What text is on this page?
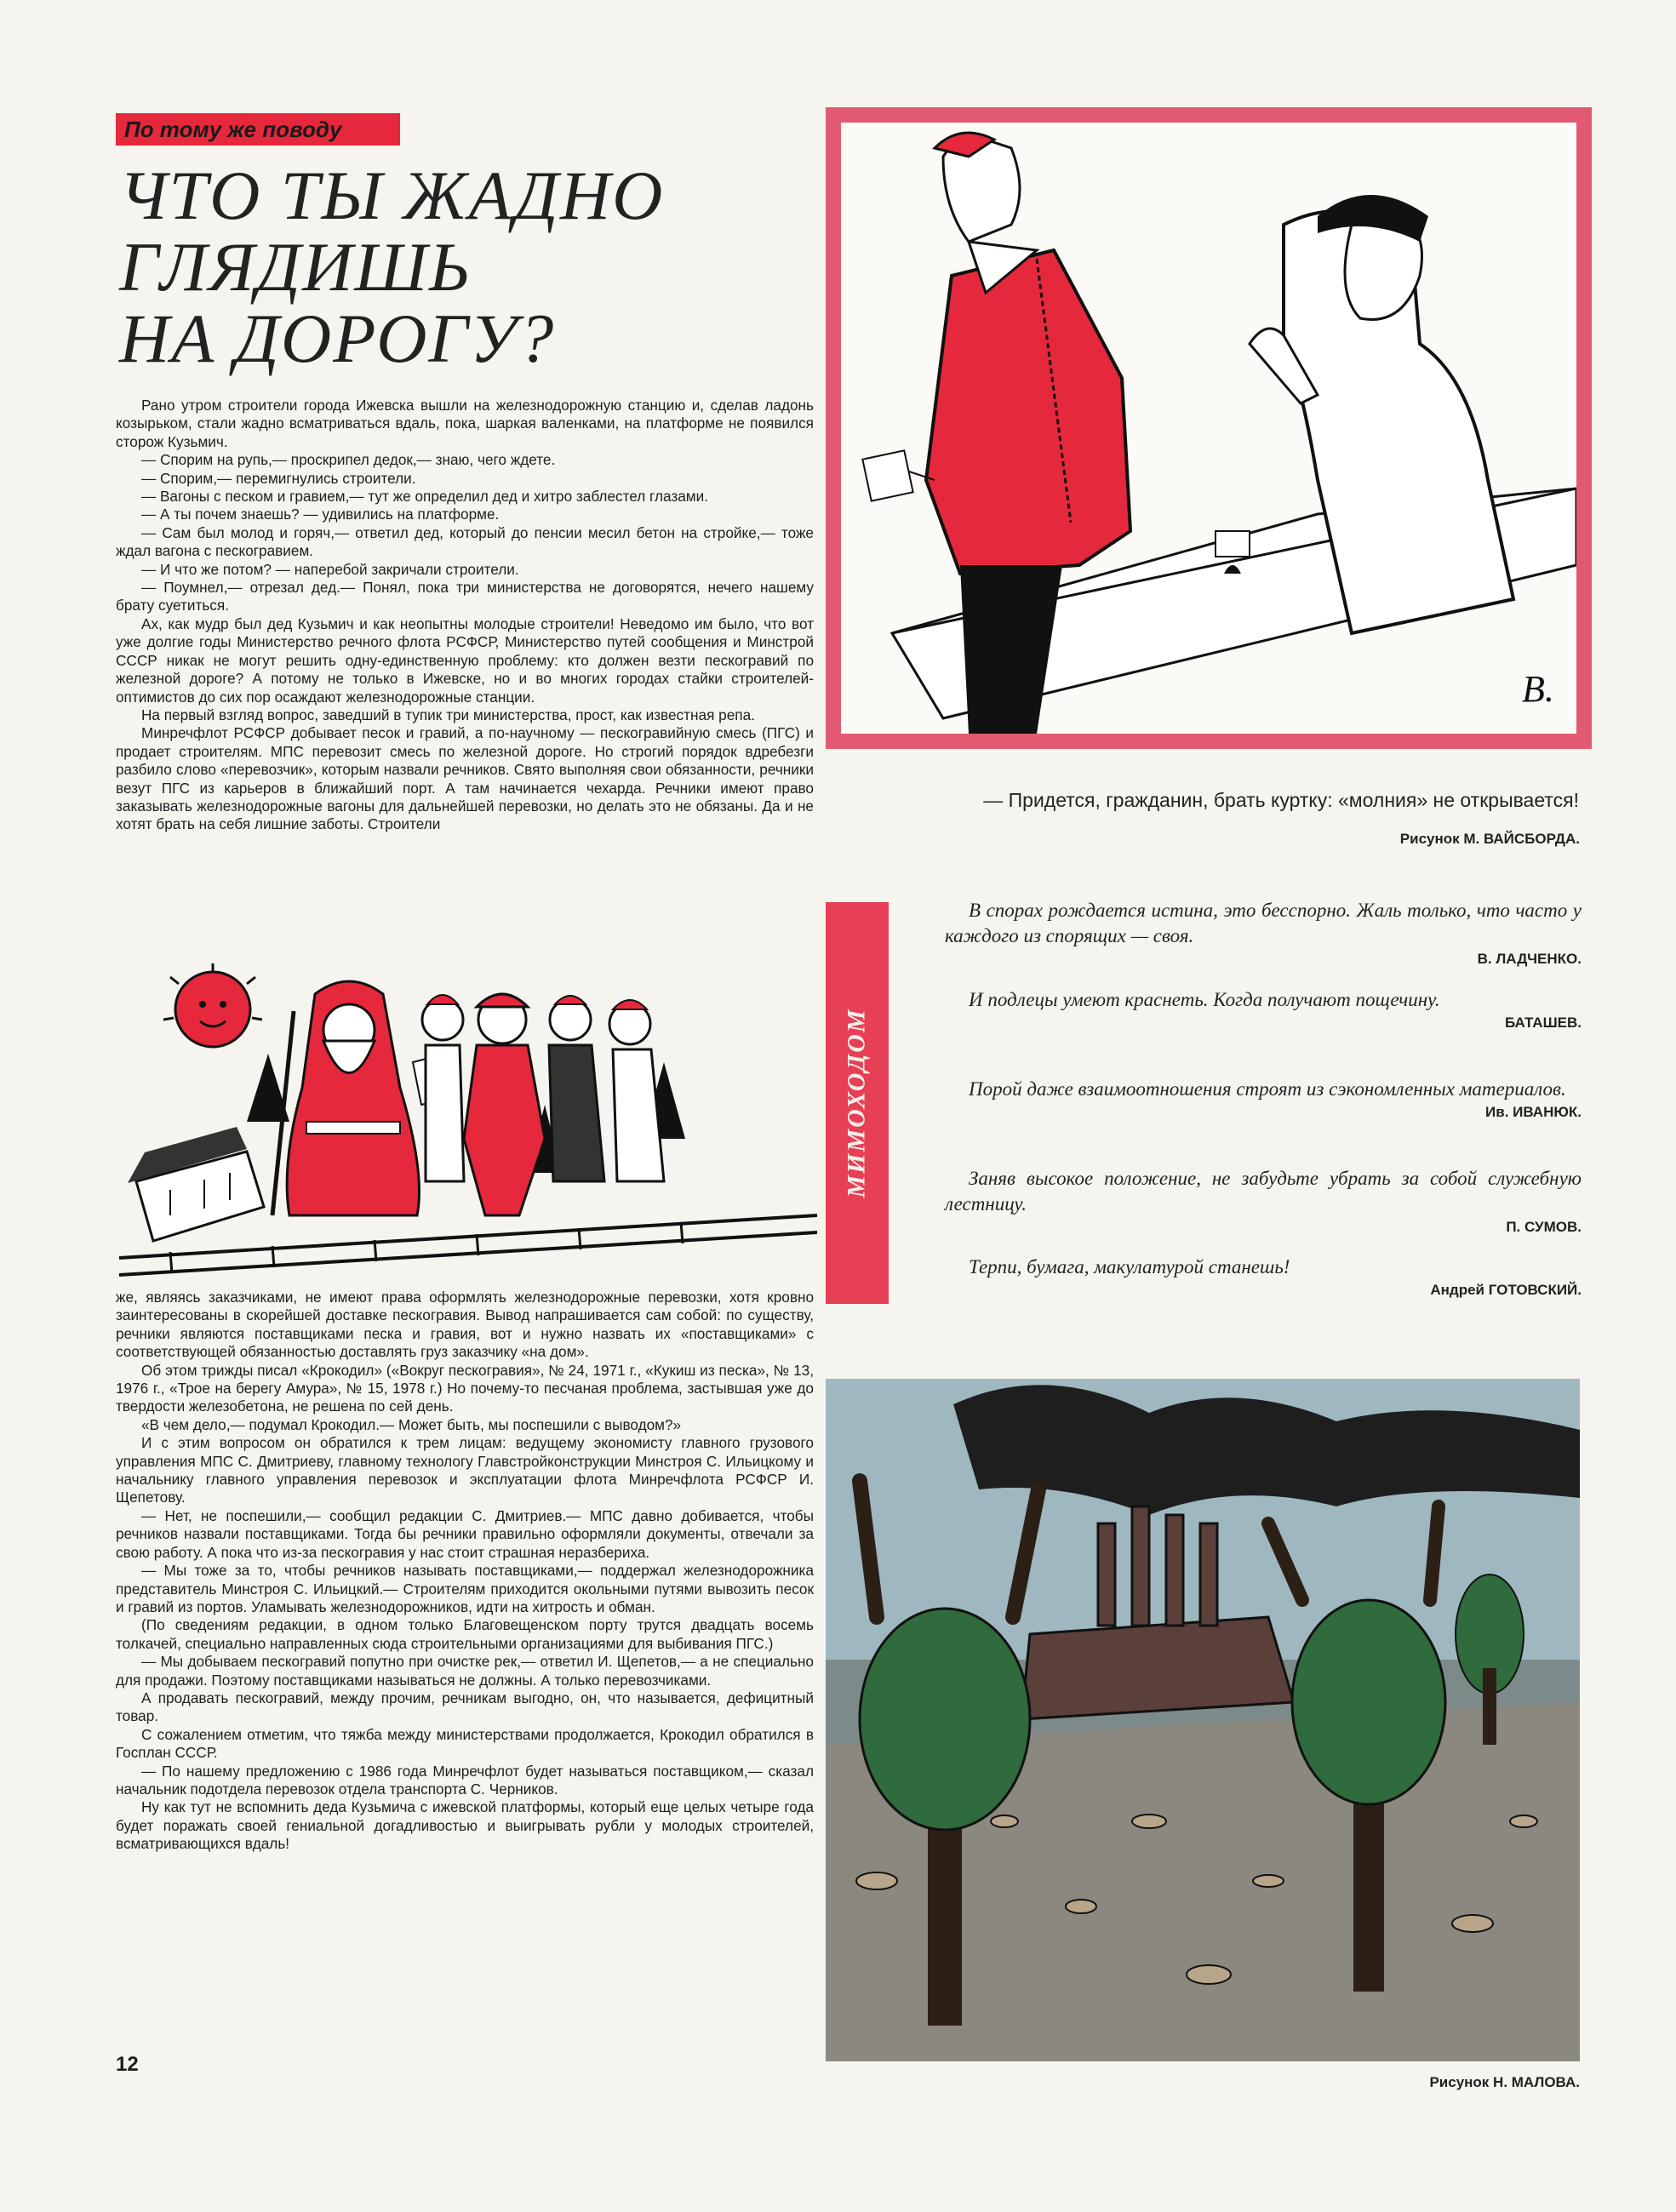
По тому же поводу
ЧТО ТЫ ЖАДНО
ГЛЯДИШЬ
НА ДОРОГУ?

Рано утром строители города Ижевска вышли на железнодорожную станцию и, сделав ладонь козырьком, стали жадно всматриваться вдаль, пока, шаркая валенками, на платформе не появился сторож Кузьмич.

— Спорим на рупь,— проскрипел дедок,— знаю, чего ждете.

— Спорим,— перемигнулись строители.

— Вагоны с песком и гравием,— тут же определил дед и хитро заблестел глазами.

— А ты почем знаешь? — удивились на платформе.

— Сам был молод и горяч,— ответил дед, который до пенсии месил бетон на стройке,— тоже ждал вагона с пескогравием.

— И что же потом? — наперебой закричали строители.

— Поумнел,— отрезал дед.— Понял, пока три министерства не договорятся, нечего нашему брату суетиться.

Ах, как мудр был дед Кузьмич и как неопытны молодые строители! Неведомо им было, что вот уже долгие годы Министерство речного флота РСФСР, Министерство путей сообщения и Минстрой СССР никак не могут решить одну-единственную проблему: кто должен везти пескогравий по железной дороге? А потому не только в Ижевске, но и во многих городах стайки строителей-оптимистов до сих пор осаждают железнодорожные станции.

На первый взгляд вопрос, заведший в тупик три министерства, прост, как известная репа.

Минречфлот РСФСР добывает песок и гравий, а по-научному — пескогравийную смесь (ПГС) и продает строителям. МПС перевозит смесь по железной дороге. Но строгий порядок вдребезги разбило слово «перевозчик», которым назвали речников. Свято выполняя свои обязанности, речники везут ПГС из карьеров в ближайший порт. А там начинается чехарда. Речники имеют право заказывать железнодорожные вагоны для дальнейшей перевозки, но делать это не обязаны. Да и не хотят брать на себя лишние заботы. Строители

же, являясь заказчиками, не имеют права оформлять железнодорожные перевозки, хотя кровно заинтересованы в скорейшей доставке пескогравия. Вывод напрашивается сам собой: по существу, речники являются поставщиками песка и гравия, вот и нужно назвать их «поставщиками» с соответствующей обязанностью доставлять груз заказчику «на дом».

Об этом трижды писал «Крокодил» («Вокруг пескогравия», № 24, 1971 г., «Кукиш из песка», № 13, 1976 г., «Трое на берегу Амура», № 15, 1978 г.) Но почему-то песчаная проблема, застывшая уже до твердости железобетона, не решена по сей день.

«В чем дело,— подумал Крокодил.— Может быть, мы поспешили с выводом?»

И с этим вопросом он обратился к трем лицам: ведущему экономисту главного грузового управления МПС С. Дмитриеву, главному технологу Главстройконструкции Минстроя С. Ильицкому и начальнику главного управления перевозок и эксплуатации флота Минречфлота РСФСР И. Щепетову.

— Нет, не поспешили,— сообщил редакции С. Дмитриев.— МПС давно добивается, чтобы речников назвали поставщиками. Тогда бы речники правильно оформляли документы, отвечали за свою работу. А пока что из-за пескогравия у нас стоит страшная неразбериха.

— Мы тоже за то, чтобы речников называть поставщиками,— поддержал железнодорожника представитель Минстроя С. Ильицкий.— Строителям приходится окольными путями вывозить песок и гравий из портов. Уламывать железнодорожников, идти на хитрость и обман.

(По сведениям редакции, в одном только Благовещенском порту трутся двадцать восемь толкачей, специально направленных сюда строительными организациями для выбивания ПГС.)

— Мы добываем пескогравий попутно при очистке рек,— ответил И. Щепетов,— а не специально для продажи. Поэтому поставщиками называться не должны. А только перевозчиками.

А продавать пескогравий, между прочим, речникам выгодно, он, что называется, дефицитный товар.

С сожалением отметим, что тяжба между министерствами продолжается, Крокодил обратился в Госплан СССР.

— По нашему предложению с 1986 года Минречфлот будет называться поставщиком,— сказал начальник подотдела перевозок отдела транспорта С. Черников.

Ну как тут не вспомнить деда Кузьмича с ижевской платформы, который еще целых четыре года будет поражать своей гениальной догадливостью и выигрывать рубли у молодых строителей, всматривающихся вдаль!

12
В.
— Придется, гражданин, брать куртку: «молния» не открывается!
Рисунок М. ВАЙСБОРДА.
МИМОХОДОМ
В спорах рождается истина, это бесспорно. Жаль только, что часто у каждого из спорящих — своя.
В. ЛАДЧЕНКО.
И подлецы умеют краснеть. Когда получают пощечину.
БАТАШЕВ.
Порой даже взаимоотношения строят из сэкономленных материалов.
Ив. ИВАНЮК.
Заняв высокое положение, не забудьте убрать за собой служебную лестницу.
П. СУМОВ.
Терпи, бумага, макулатурой станешь!
Андрей ГОТОВСКИЙ.
Рисунок Н. МАЛОВА.
